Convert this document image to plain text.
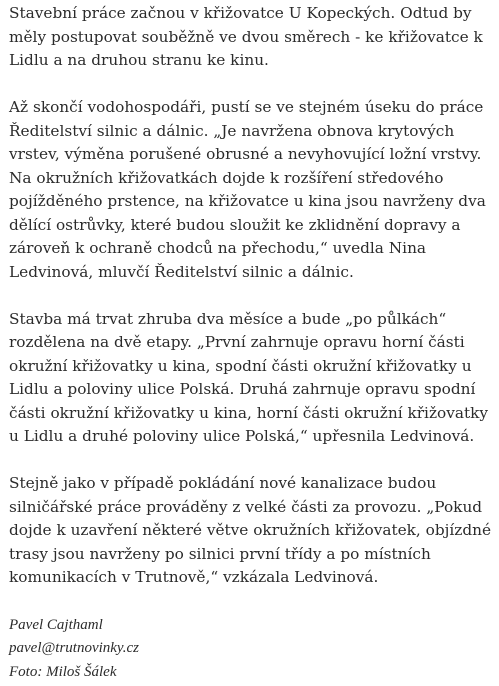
Stavební práce začnou v křižovatce U Kopeckých. Odtud by měly postupovat souběžně ve dvou směrech - ke křižovatce k Lidlu a na druhou stranu ke kinu.

Až skončí vodohospodáři, pustí se ve stejném úseku do práce Ředitelství silnic a dálnic. „Je navržena obnova krytových vrstev, výměna porušené obrusné a nevyhovující ložní vrstvy. Na okružních křižovatkách dojde k rozšíření středového pojížděného prstence, na křižovatce u kina jsou navrženy dva dělící ostrůvky, které budou sloužit ke zklidnění dopravy a zároveň k ochraně chodců na přechodu,“ uvedla Nina Ledvinová, mluvčí Ředitelství silnic a dálnic.

Stavba má trvat zhruba dva měsíce a bude „po půlkách“ rozdělena na dvě etapy. „První zahrnuje opravu horní části okružní křižovatky u kina, spodní části okružní křižovatky u Lidlu a poloviny ulice Polská. Druhá zahrnuje opravu spodní části okružní křižovatky u kina, horní části okružní křižovatky u Lidlu a druhé poloviny ulice Polská,“ upřesnila Ledvinová.

Stejně jako v případě pokládání nové kanalizace budou silničářské práce prováděny z velké části za provozu. „Pokud dojde k uzavření některé větve okružních křižovatek, objízdné trasy jsou navrženy po silnici první třídy a po místních komunikacích v Trutnově,“ vzkázala Ledvinová.

Pavel Cajthaml
pavel@trutnovinky.cz
Foto: Miloš Šálek
